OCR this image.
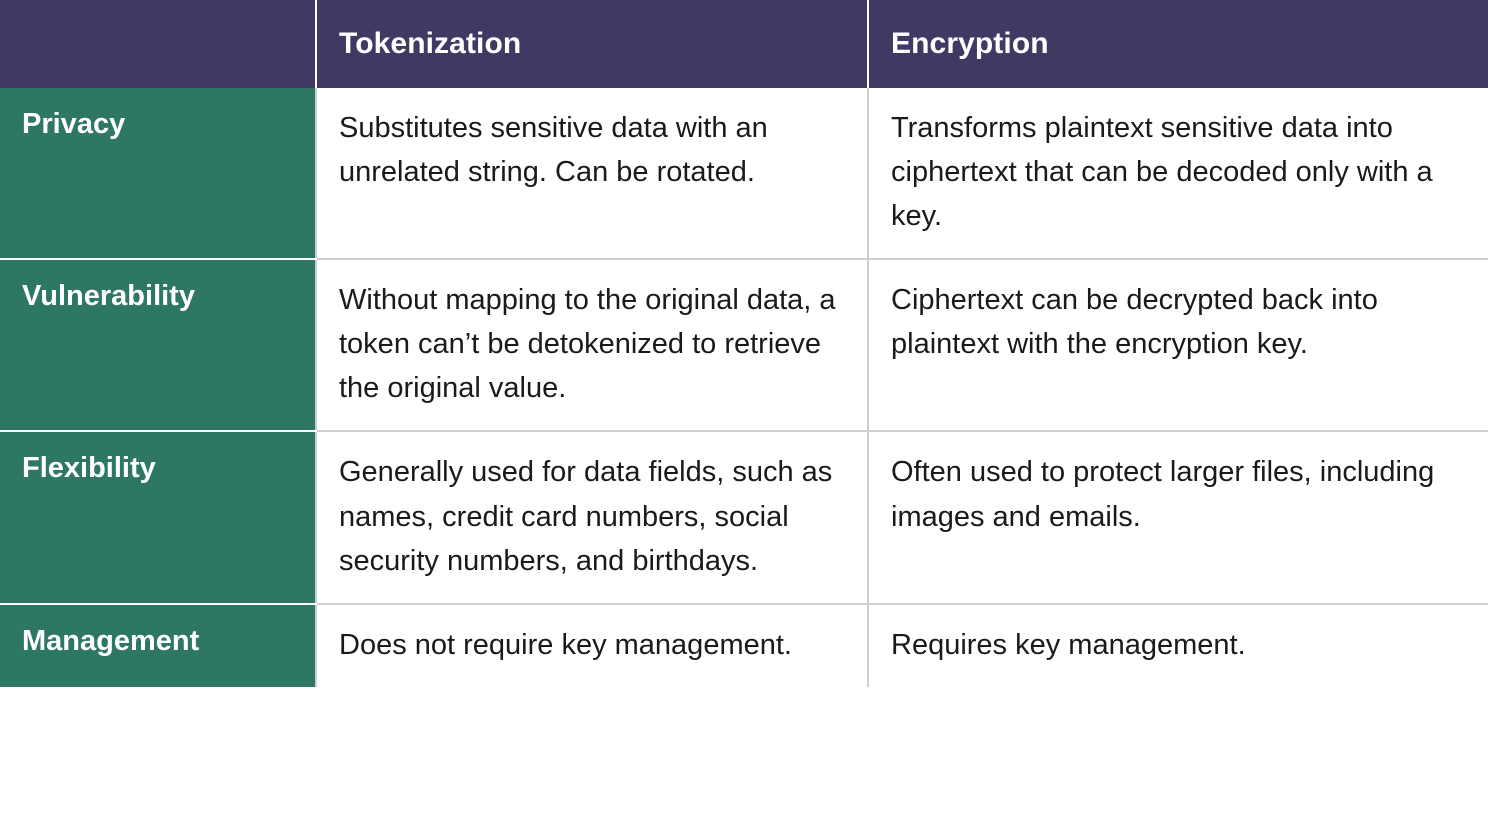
	Tokenization	Encryption
Privacy	Substitutes sensitive data with an unrelated string. Can be rotated.	Transforms plaintext sensitive data into ciphertext that can be decoded only with a key.

Vulnerability	Without mapping to the original data, a token can’t be detokenized to retrieve the original value.	Ciphertext can be decrypted back into plaintext with the encryption key.

Flexibility	Generally used for data fields, such as names, credit card numbers, social security numbers, and birthdays.	Often used to protect larger files, including images and emails.

Management	Does not require key management.	Requires key management.
